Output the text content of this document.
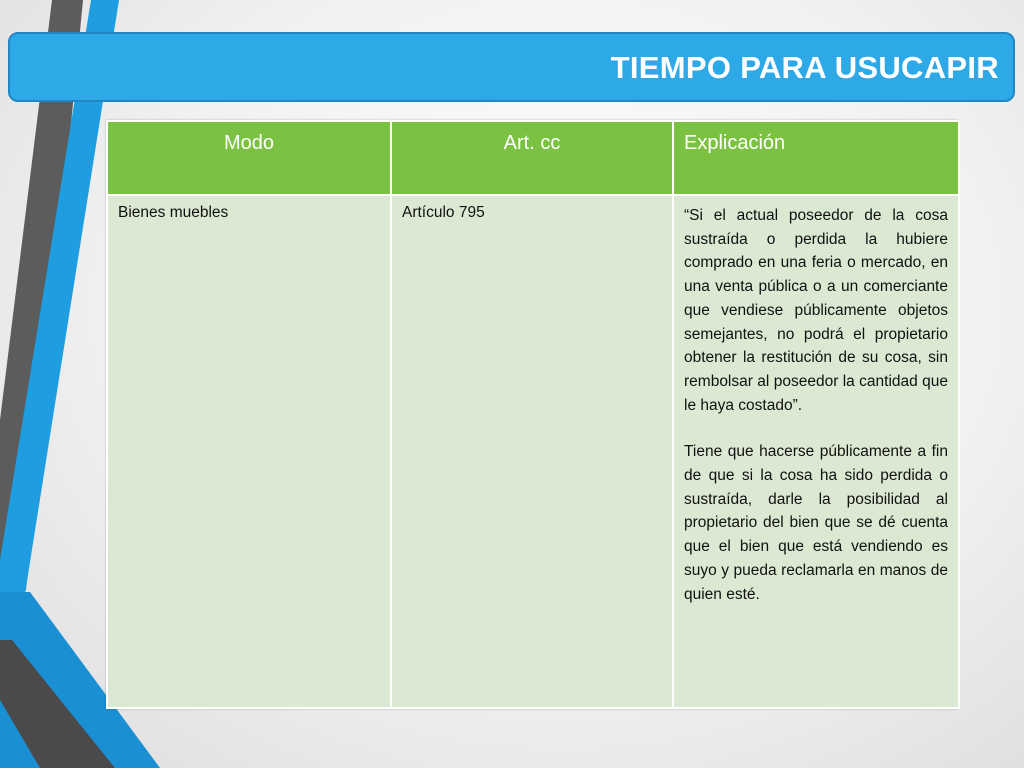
TIEMPO PARA USUCAPIR
Modo	Art. cc	Explicación
Bienes muebles	Artículo 795	“Si el actual poseedor de la cosa sustraída o perdida la hubiere comprado en una feria o mercado, en una venta pública o a un comerciante que vendiese públicamente objetos semejantes, no podrá el propietario obtener la restitución de su cosa, sin rembolsar al poseedor la cantidad que le haya costado”.

Tiene que hacerse públicamente a fin de que si la cosa ha sido perdida o sustraída, darle la posibilidad al propietario del bien que se dé cuenta que el bien que está vendiendo es suyo y pueda reclamarla en manos de quien esté.
